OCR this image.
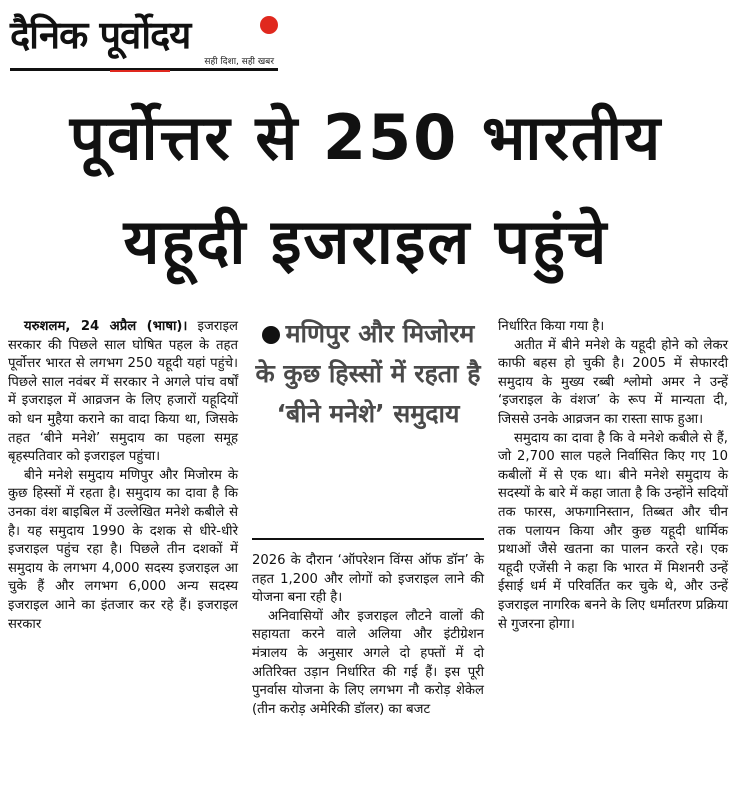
दैनिक पूर्वोदय
सही दिशा, सही खबर
पूर्वोत्तर से 250 भारतीय
यहूदी इजराइल पहुंचे

यरुशलम, 24 अप्रैल (भाषा)। इजराइल सरकार की पिछले साल घोषित पहल के तहत पूर्वोत्तर भारत से लगभग 250 यहूदी यहां पहुंचे। पिछले साल नवंबर में सरकार ने अगले पांच वर्षों में इजराइल में आव्रजन के लिए हजारों यहूदियों को धन मुहैया कराने का वादा किया था, जिसके तहत ‘बीने मनेशे’ समुदाय का पहला समूह बृहस्पतिवार को इजराइल पहुंचा।

बीने मनेशे समुदाय मणिपुर और मिजोरम के कुछ हिस्सों में रहता है। समुदाय का दावा है कि उनका वंश बाइबिल में उल्लेखित मनेशे कबीले से है। यह समुदाय 1990 के दशक से धीरे-धीरे इजराइल पहुंच रहा है। पिछले तीन दशकों में समुदाय के लगभग 4,000 सदस्य इजराइल आ चुके हैं और लगभग 6,000 अन्य सदस्य इजराइल आने का इंतजार कर रहे हैं। इजराइल सरकार

मणिपुर और मिजोरम के कुछ हिस्सों में रहता है ‘बीने मनेशे’ समुदाय

2026 के दौरान ‘ऑपरेशन विंग्स ऑफ डॉन’ के तहत 1,200 और लोगों को इजराइल लाने की योजना बना रही है।

अनिवासियों और इजराइल लौटने वालों की सहायता करने वाले अलिया और इंटीग्रेशन मंत्रालय के अनुसार अगले दो हफ्तों में दो अतिरिक्त उड़ान निर्धारित की गई हैं। इस पूरी पुनर्वास योजना के लिए लगभग नौ करोड़ शेकेल (तीन करोड़ अमेरिकी डॉलर) का बजट

निर्धारित किया गया है।

अतीत में बीने मनेशे के यहूदी होने को लेकर काफी बहस हो चुकी है। 2005 में सेफारदी समुदाय के मुख्य रब्बी श्लोमो अमर ने उन्हें ‘इजराइल के वंशज’ के रूप में मान्यता दी, जिससे उनके आव्रजन का रास्ता साफ हुआ।

समुदाय का दावा है कि वे मनेशे कबीले से हैं, जो 2,700 साल पहले निर्वासित किए गए 10 कबीलों में से एक था। बीने मनेशे समुदाय के सदस्यों के बारे में कहा जाता है कि उन्होंने सदियों तक फारस, अफगानिस्तान, तिब्बत और चीन तक पलायन किया और कुछ यहूदी धार्मिक प्रथाओं जैसे खतना का पालन करते रहे। एक यहूदी एजेंसी ने कहा कि भारत में मिशनरी उन्हें ईसाई धर्म में परिवर्तित कर चुके थे, और उन्हें इजराइल नागरिक बनने के लिए धर्मांतरण प्रक्रिया से गुजरना होगा।
